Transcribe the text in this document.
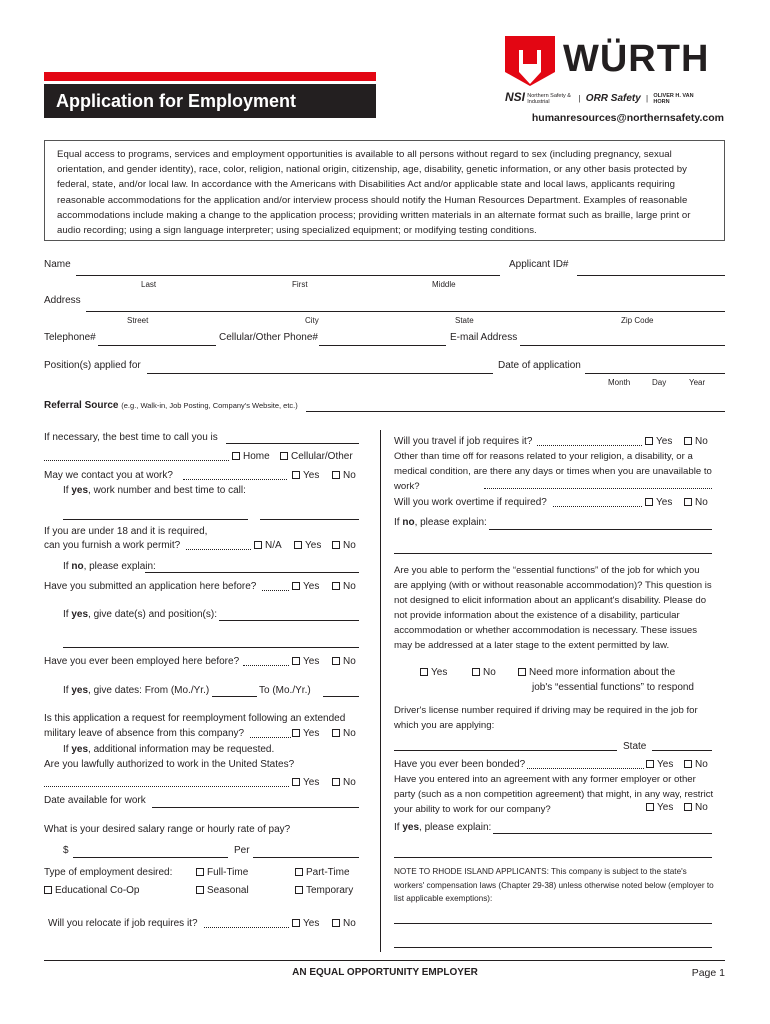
Application for Employment
WÜRTH
NSI Northern Safety & Industrial	| ORR Safety | OLIVER H. VAN HORN
humanresources@northernsafety.com
Equal access to programs, services and employment opportunities is available to all persons without regard to sex (including pregnancy, sexual orientation, and gender identity), race, color, religion, national origin, citizenship, age, disability, genetic information, or any other basis protected by federal, state, and/or local law. In accordance with the Americans with Disabilities Act and/or applicable state and local laws, applicants requiring reasonable accommodations for the application and/or interview process should notify the Human Resources Department. Examples of reasonable accommodations include making a change to the application process; providing written materials in an alternate format such as braille, large print or audio recording; using a sign language interpreter; using specialized equipment; or modifying testing conditions.
Name	Applicant ID#
Last	First	Middle
Address
Street	City	State	Zip Code
Telephone#	Cellular/Other Phone#	E-mail Address
Position(s) applied for	Date of application
Month	Day	Year
Referral Source (e.g., Walk-in, Job Posting, Company's Website, etc.)
If necessary, the best time to call you is
Home	Cellular/Other
May we contact you at work?	Yes	No
If yes, work number and best time to call:
If you are under 18 and it is required,
can you furnish a work permit?	N/A	Yes	No
If no, please explain:
Have you submitted an application here before?	Yes	No
If yes, give date(s) and position(s):
Have you ever been employed here before?	Yes	No
If yes, give dates: From (Mo./Yr.)	To (Mo./Yr.)
Is this application a request for reemployment following an extended
military leave of absence from this company?	Yes	No
If yes, additional information may be requested.
Are you lawfully authorized to work in the United States?
Yes	No
Date available for work
What is your desired salary range or hourly rate of pay?
$	Per
Type of employment desired:	Full-Time	Part-Time
Educational Co-Op	Seasonal	Temporary
Will you relocate if job requires it?	Yes	No
Will you travel if job requires it?	Yes	No
Other than time off for reasons related to your religion, a disability, or a medical condition, are there any days or times when you are unavailable to work?
Will you work overtime if required?	Yes	No
If no, please explain:
Are you able to perform the “essential functions” of the job for which you are applying (with or without reasonable accommodation)? This question is not designed to elicit information about an applicant's disability. Please do not provide information about the existence of a disability, particular accommodation or whether accommodation is necessary. These issues may be addressed at a later stage to the extent permitted by law.
Yes	No	Need more information about the
job's “essential functions” to respond
Driver's license number required if driving may be required in the job for which you are applying:
State
Have you ever been bonded?	Yes	No
Have you entered into an agreement with any former employer or other party (such as a non competition agreement) that might, in any way, restrict your ability to work for our company?	Yes	No
If yes, please explain:
NOTE TO RHODE ISLAND APPLICANTS: This company is subject to the state's workers' compensation laws (Chapter 29-38) unless otherwise noted below (employer to list applicable exemptions):
AN EQUAL OPPORTUNITY EMPLOYER	Page 1
